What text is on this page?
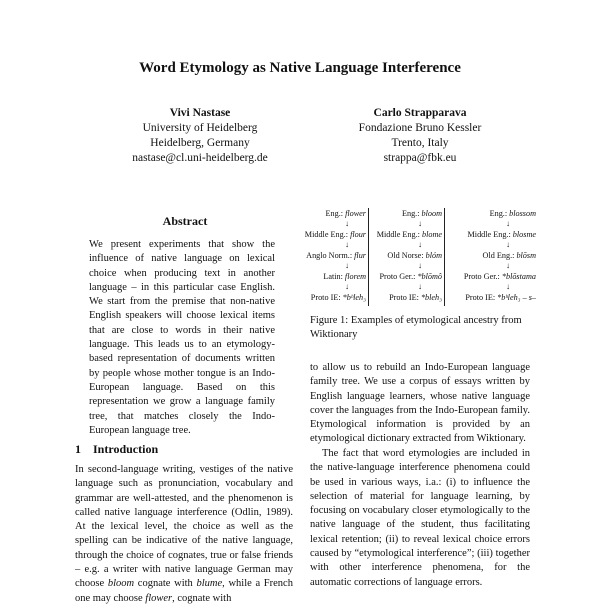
Word Etymology as Native Language Interference
Vivi Nastase
University of Heidelberg
Heidelberg, Germany
nastase@cl.uni-heidelberg.de
Carlo Strapparava
Fondazione Bruno Kessler
Trento, Italy
strappa@fbk.eu
Abstract
We present experiments that show the influence of native language on lexical choice when producing text in another language – in this particular case English. We start from the premise that non-native English speakers will choose lexical items that are close to words in their native language. This leads us to an etymology-based representation of documents written by people whose mother tongue is an Indo-European language. Based on this representation we grow a language family tree, that matches closely the Indo-European language tree.
1 Introduction
In second-language writing, vestiges of the native language such as pronunciation, vocabulary and grammar are well-attested, and the phenomenon is called native language interference (Odlin, 1989). At the lexical level, the choice as well as the spelling can be indicative of the native language, through the choice of cognates, true or false friends – e.g. a writer with native language German may choose bloom cognate with blume, while a French one may choose flower, cognate with
Eng.: flower
Middle Eng.: flour
Anglo Norm.: flur
Latin: florem
Proto IE: *bʰleh₃
Eng.: bloom
Middle Eng.: blome
Old Norse: blóm
Proto Ger.: *blōmô
Proto IE: *bleh₃
Eng.: blossom
Middle Eng.: blosme
Old Eng.: blōsm
Proto Ger.: *blōstama
Proto IE: *bʰleh₃ – s–
↓
↓
↓
↓
↓
↓
↓
↓
↓
↓
↓
↓
Figure 1: Examples of etymological ancestry from Wiktionary
to allow us to rebuild an Indo-European language family tree. We use a corpus of essays written by English language learners, whose native language cover the languages from the Indo-European family. Etymological information is provided by an etymological dictionary extracted from Wiktionary.
The fact that word etymologies are included in the native-language interference phenomena could be used in various ways, i.a.: (i) to influence the selection of material for language learning, by focusing on vocabulary closer etymologically to the native language of the student, thus facilitating lexical retention; (ii) to reveal lexical choice errors caused by “etymological interference”; (iii) together with other interference phenomena, for the automatic corrections of language errors.
